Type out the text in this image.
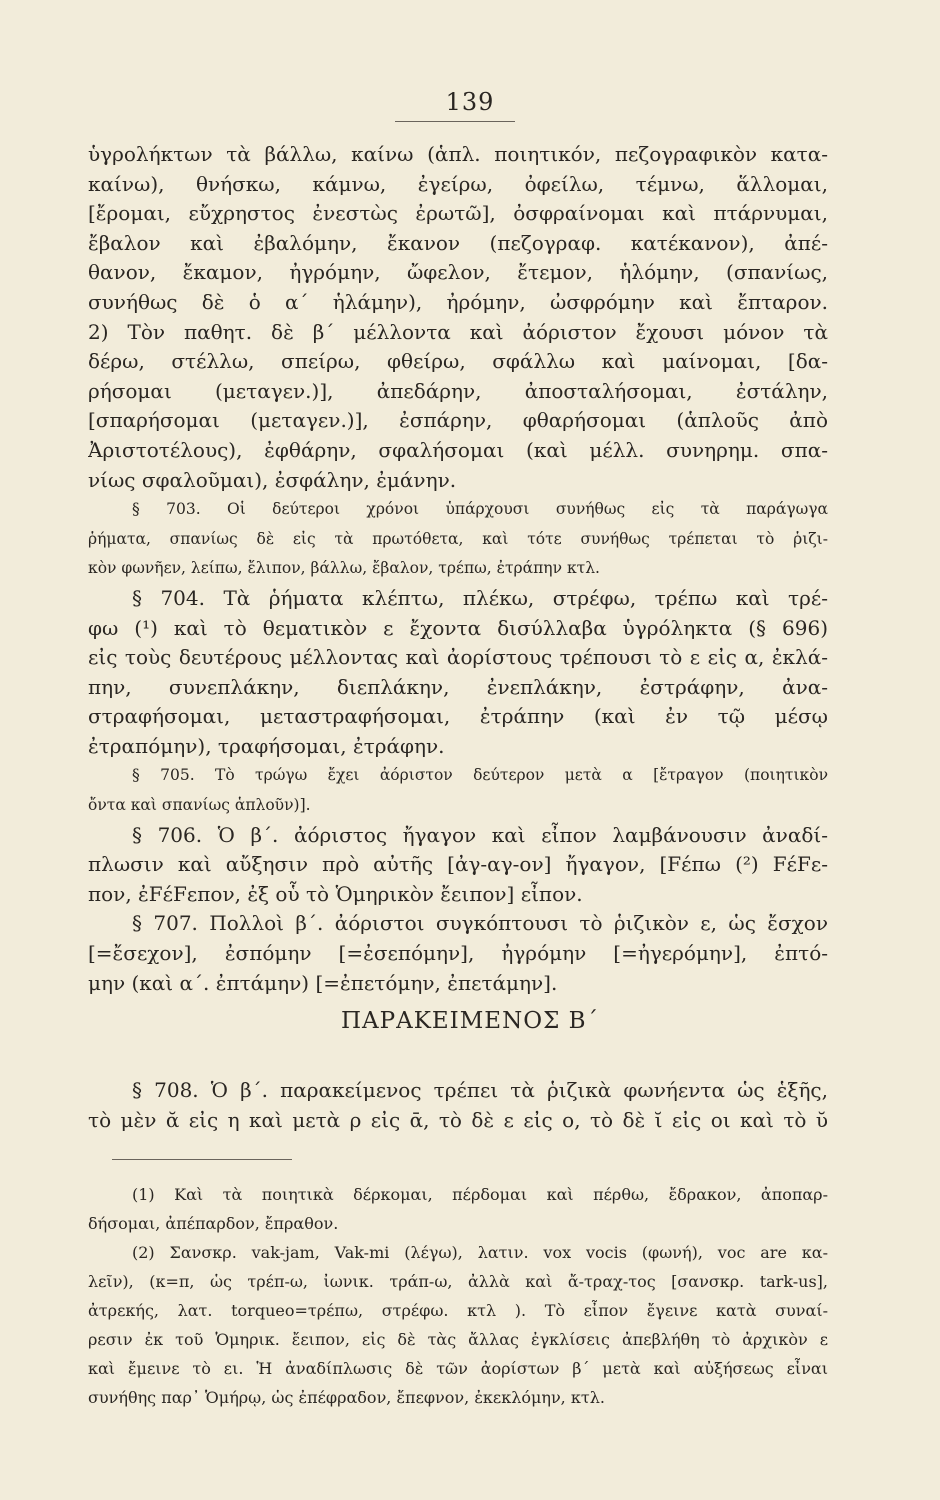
139
ὑγρολήκτων τὰ βάλλω, καίνω (ἁπλ. ποιητικόν, πεζογραφικὸν κατα-
καίνω), θνήσκω, κάμνω, ἐγείρω, ὀφείλω, τέμνω, ἅλλομαι,
[ἔρομαι, εὔχρηστος ἐνεστὼς ἐρωτῶ], ὀσφραίνομαι καὶ πτάρνυμαι,
ἔβαλον καὶ ἐβαλόμην, ἔκανον (πεζογραφ. κατέκανον), ἀπέ-
θανον, ἔκαμον, ἠγρόμην, ὤφελον, ἔτεμον, ἡλόμην, (σπανίως,
συνήθως δὲ ὁ α΄ ἡλάμην), ἠρόμην, ὠσφρόμην καὶ ἔπταρον.
2) Τὸν παθητ. δὲ β΄ μέλλοντα καὶ ἀόριστον ἔχουσι μόνον τὰ
δέρω, στέλλω, σπείρω, φθείρω, σφάλλω καὶ μαίνομαι, [δα-
ρήσομαι (μεταγεν.)], ἀπεδάρην, ἀποσταλήσομαι, ἐστάλην,
[σπαρήσομαι (μεταγεν.)], ἐσπάρην, φθαρήσομαι (ἁπλοῦς ἀπὸ
Ἀριστοτέλους), ἐφθάρην, σφαλήσομαι (καὶ μέλλ. συνηρημ. σπα-
νίως σφαλοῦμαι), ἐσφάλην, ἐμάνην.
§ 703. Οἱ δεύτεροι χρόνοι ὑπάρχουσι συνήθως εἰς τὰ παράγωγα
ῥήματα, σπανίως δὲ εἰς τὰ πρωτόθετα, καὶ τότε συνήθως τρέπεται τὸ ῥιζι-
κὸν φωνῆεν, λείπω, ἔλιπον, βάλλω, ἔβαλον, τρέπω, ἐτράπην κτλ.
§ 704. Τὰ ῥήματα κλέπτω, πλέκω, στρέφω, τρέπω καὶ τρέ-
φω (¹) καὶ τὸ θεματικὸν ε ἔχοντα δισύλλαβα ὑγρόληκτα (§ 696)
εἰς τοὺς δευτέρους μέλλοντας καὶ ἀορίστους τρέπουσι τὸ ε εἰς α, ἐκλά-
πην, συνεπλάκην, διεπλάκην, ἐνεπλάκην, ἐστράφην, ἀνα-
στραφήσομαι, μεταστραφήσομαι, ἐτράπην (καὶ ἐν τῷ μέσῳ
ἐτραπόμην), τραφήσομαι, ἐτράφην.
§ 705. Τὸ τρώγω ἔχει ἀόριστον δεύτερον μετὰ α [ἔτραγον (ποιητικὸν
ὄντα καὶ σπανίως ἁπλοῦν)].
§ 706. Ὁ β΄. ἀόριστος ἤγαγον καὶ εἶπον λαμβάνουσιν ἀναδί-
πλωσιν καὶ αὔξησιν πρὸ αὐτῆς [ἀγ-αγ-ον] ἤγαγον, [Fέπω (²) FέFε-
πον, ἐFέFεπον, ἐξ οὗ τὸ Ὁμηρικὸν ἔειπον] εἶπον.
§ 707. Πολλοὶ β΄. ἀόριστοι συγκόπτουσι τὸ ῥιζικὸν ε, ὡς ἔσχον
[=ἔσεχον], ἐσπόμην [=ἐσεπόμην], ἠγρόμην [=ἠγερόμην], ἐπτό-
μην (καὶ α΄. ἐπτάμην) [=ἐπετόμην, ἐπετάμην].
ΠΑΡΑΚΕΙΜΕΝΟΣ Β΄
§ 708. Ὁ β΄. παρακείμενος τρέπει τὰ ῥιζικὰ φωνήεντα ὡς ἑξῆς,
τὸ μὲν ᾰ εἰς η καὶ μετὰ ρ εἰς ᾱ, τὸ δὲ ε εἰς ο, τὸ δὲ ῐ εἰς οι καὶ τὸ ῠ
(1) Καὶ τὰ ποιητικὰ δέρκομαι, πέρδομαι καὶ πέρθω, ἔδρακον, ἀποπαρ-
δήσομαι, ἀπέπαρδον, ἔπραθον.
(2) Σανσκρ. vak-jam, Vak-mi (λέγω), λατιν. vox vocis (φωνή), voc are κα-
λεῖν), (κ=π, ὡς τρέπ-ω, ἰωνικ. τράπ-ω, ἀλλὰ καὶ ἄ-τραχ-τος [σανσκρ. tark-us],
ἀτρεκής, λατ. torqueo=τρέπω, στρέφω. κτλ ). Τὸ εἶπον ἔγεινε κατὰ συναί-
ρεσιν ἐκ τοῦ Ὁμηρικ. ἔειπον, εἰς δὲ τὰς ἄλλας ἐγκλίσεις ἀπεβλήθη τὸ ἀρχικὸν ε
καὶ ἔμεινε τὸ ει. Ἡ ἀναδίπλωσις δὲ τῶν ἀορίστων β΄ μετὰ καὶ αὐξήσεως εἶναι
συνήθης παρ᾽ Ὁμήρῳ, ὡς ἐπέφραδον, ἔπεφνον, ἐκεκλόμην, κτλ.
